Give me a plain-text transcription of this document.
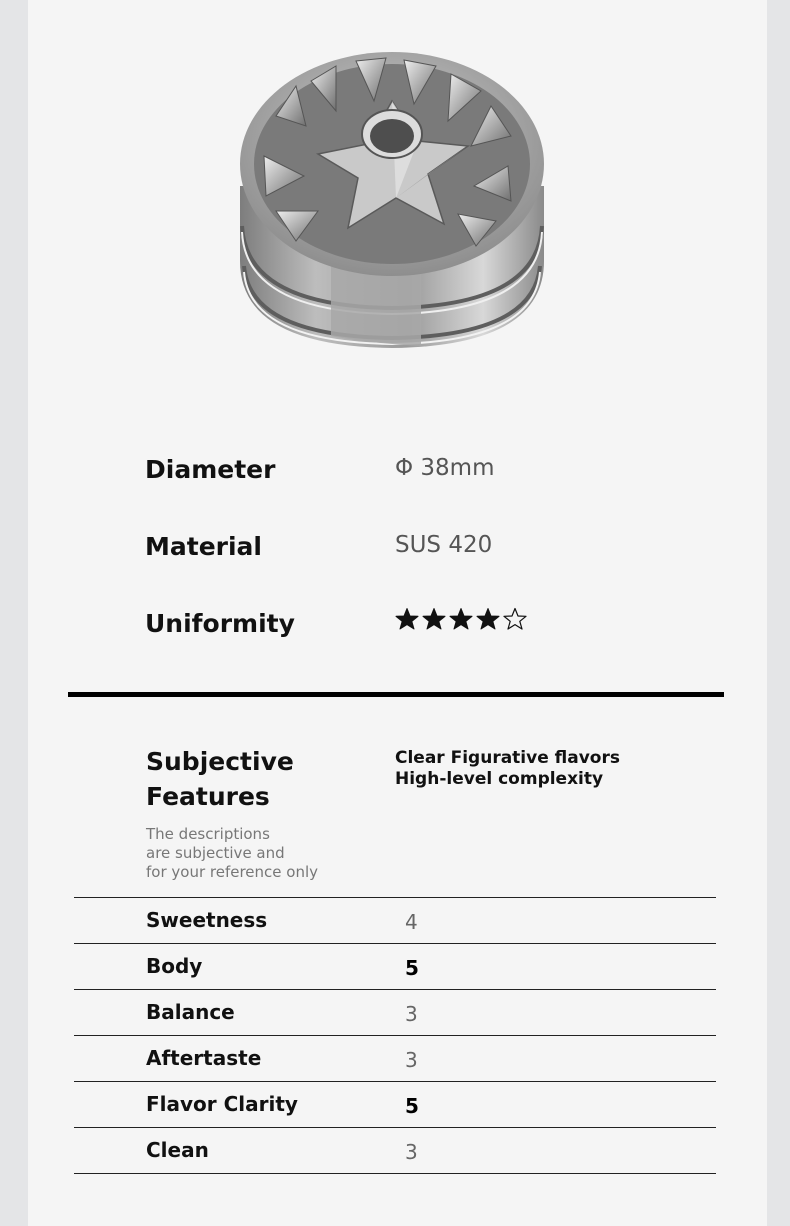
Diameter	Φ 38mm
Material	SUS 420
Uniformity
Subjective
Features
The descriptions
are subjective and
for your reference only
Clear Figurative flavors
High-level complexity
Sweetness	4
Body	5
Balance	3
Aftertaste	3
Flavor Clarity	5
Clean	3
